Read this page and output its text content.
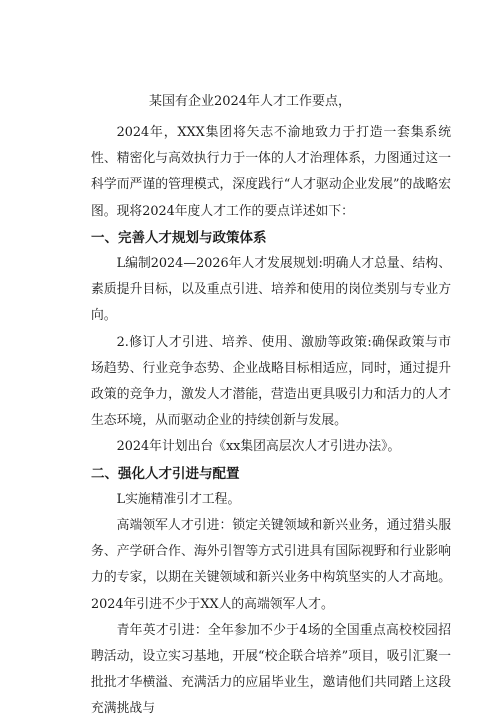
某国有企业2024年人才工作要点，

2024年，XXX集团将矢志不渝地致力于打造一套集系统性、精密化与高效执行力于一体的人才治理体系，力图通过这一科学而严谨的管理模式，深度践行“人才驱动企业发展”的战略宏图。现将2024年度人才工作的要点详述如下：

一、完善人才规划与政策体系

L编制2024—2026年人才发展规划:明确人才总量、结构、素质提升目标，以及重点引进、培养和使用的岗位类别与专业方向。

2.修订人才引进、培养、使用、激励等政策:确保政策与市场趋势、行业竞争态势、企业战略目标相适应，同时，通过提升政策的竞争力，激发人才潜能，营造出更具吸引力和活力的人才生态环境，从而驱动企业的持续创新与发展。

2024年计划出台《xx集团高层次人才引进办法》。

二、强化人才引进与配置

L实施精准引才工程。

高端领军人才引进：锁定关键领域和新兴业务，通过猎头服务、产学研合作、海外引智等方式引进具有国际视野和行业影响力的专家，以期在关键领域和新兴业务中构筑坚实的人才高地。2024年引进不少于XX人的高端领军人才。

青年英才引进：全年参加不少于4场的全国重点高校校园招聘活动，设立实习基地，开展“校企联合培养”项目，吸引汇聚一批批才华横溢、充满活力的应届毕业生，邀请他们共同踏上这段充满挑战与
